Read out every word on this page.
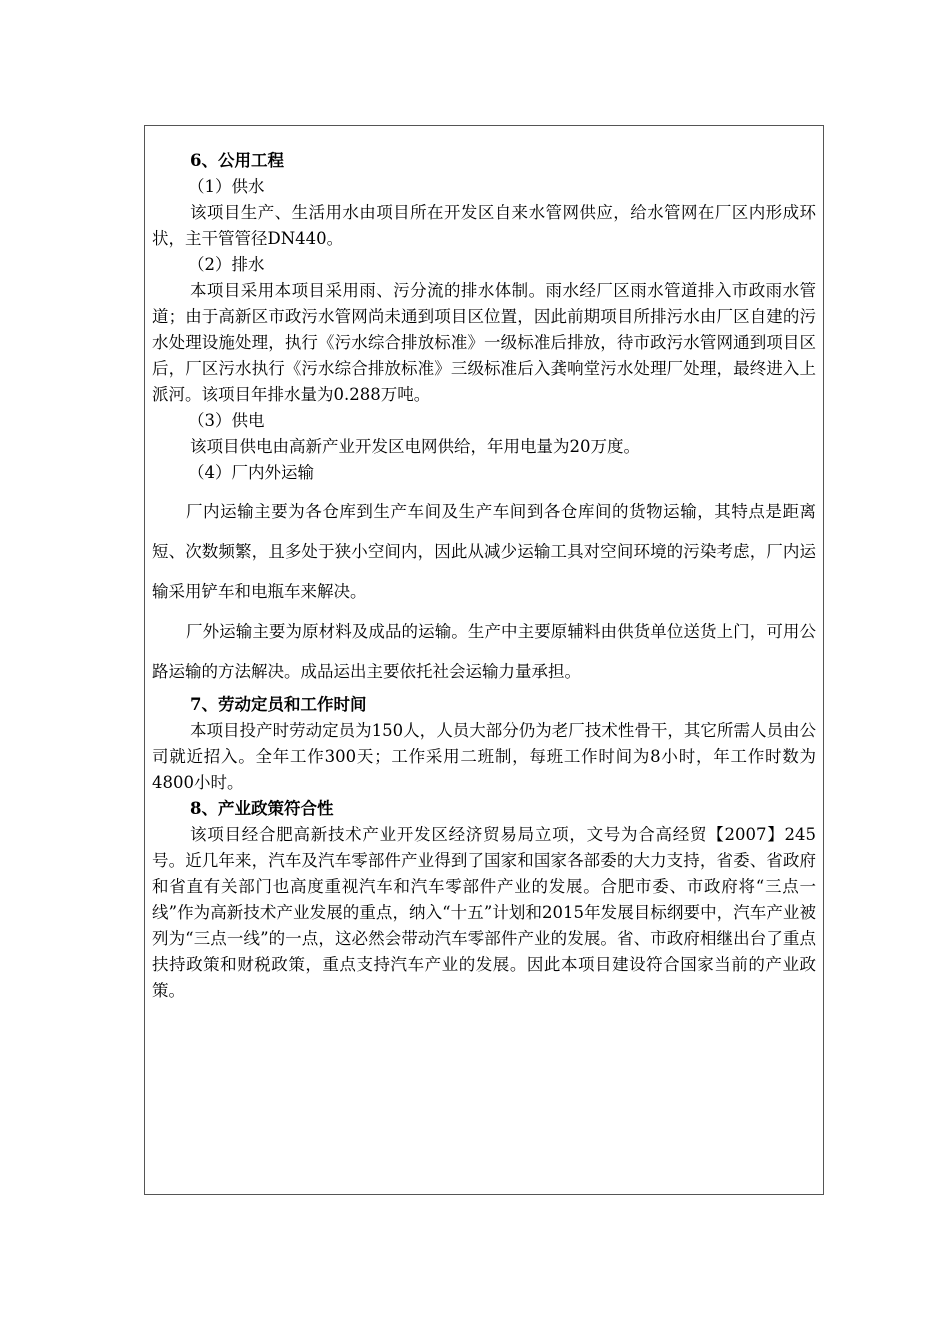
6、公用工程

（1）供水

该项目生产、生活用水由项目所在开发区自来水管网供应，给水管网在厂区内形成环状，主干管管径DN440。

（2）排水

本项目采用本项目采用雨、污分流的排水体制。雨水经厂区雨水管道排入市政雨水管道；由于高新区市政污水管网尚未通到项目区位置，因此前期项目所排污水由厂区自建的污水处理设施处理，执行《污水综合排放标准》一级标准后排放，待市政污水管网通到项目区后，厂区污水执行《污水综合排放标准》三级标准后入龚响堂污水处理厂处理，最终进入上派河。该项目年排水量为0.288万吨。

（3）供电

该项目供电由高新产业开发区电网供给，年用电量为20万度。

（4）厂内外运输

厂内运输主要为各仓库到生产车间及生产车间到各仓库间的货物运输，其特点是距离短、次数频繁，且多处于狭小空间内，因此从减少运输工具对空间环境的污染考虑，厂内运输采用铲车和电瓶车来解决。

厂外运输主要为原材料及成品的运输。生产中主要原辅料由供货单位送货上门，可用公路运输的方法解决。成品运出主要依托社会运输力量承担。

7、劳动定员和工作时间

本项目投产时劳动定员为150人，人员大部分仍为老厂技术性骨干，其它所需人员由公司就近招入。全年工作300天；工作采用二班制，每班工作时间为8小时，年工作时数为4800小时。

8、产业政策符合性

该项目经合肥高新技术产业开发区经济贸易局立项，文号为合高经贸【2007】245号。近几年来，汽车及汽车零部件产业得到了国家和国家各部委的大力支持，省委、省政府和省直有关部门也高度重视汽车和汽车零部件产业的发展。合肥市委、市政府将“三点一线”作为高新技术产业发展的重点，纳入“十五”计划和2015年发展目标纲要中，汽车产业被列为“三点一线”的一点，这必然会带动汽车零部件产业的发展。省、市政府相继出台了重点扶持政策和财税政策，重点支持汽车产业的发展。因此本项目建设符合国家当前的产业政策。
